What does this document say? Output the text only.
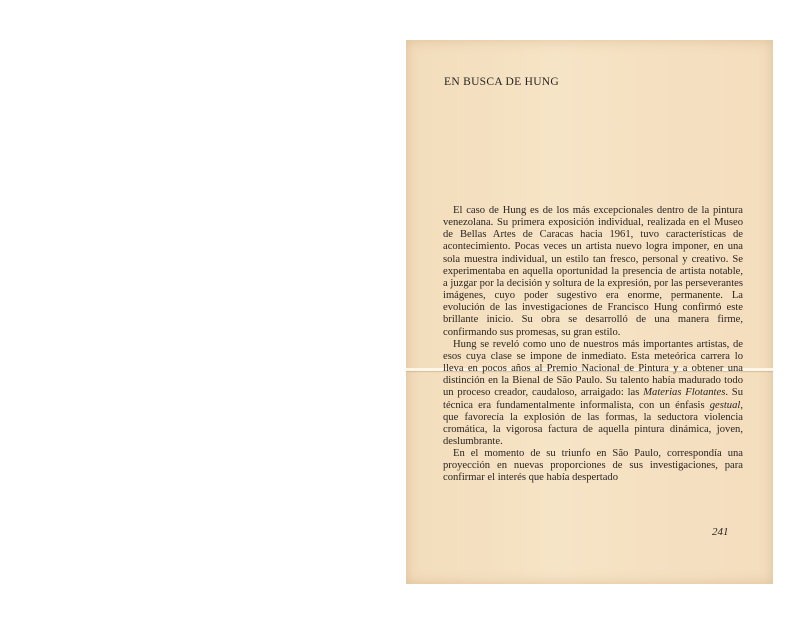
EN BUSCA DE HUNG

El caso de Hung es de los más excepcionales dentro de la pintura venezolana. Su primera exposición individual, realizada en el Museo de Bellas Artes de Caracas hacia 1961, tuvo características de acontecimiento. Pocas veces un artista nuevo logra imponer, en una sola muestra individual, un estilo tan fresco, personal y creativo. Se experimentaba en aquella oportunidad la presencia de artista notable, a juzgar por la decisión y soltura de la expresión, por las perseverantes imágenes, cuyo poder sugestivo era enorme, permanente. La evolución de las investigaciones de Francisco Hung confirmó este brillante inicio. Su obra se desarrolló de una manera firme, confirmando sus promesas, su gran estilo.

Hung se reveló como uno de nuestros más importantes artistas, de esos cuya clase se impone de inmediato. Esta meteórica carrera lo lleva en pocos años al Premio Nacional de Pintura y a obtener una distinción en la Bienal de São Paulo. Su talento había madurado todo un proceso creador, caudaloso, arraigado: las Materias Flotantes. Su técnica era fundamentalmente informalista, con un énfasis gestual, que favorecía la explosión de las formas, la seductora violencia cromática, la vigorosa factura de aquella pintura dinámica, joven, deslumbrante.

En el momento de su triunfo en São Paulo, correspondía una proyección en nuevas proporciones de sus investigaciones, para confirmar el interés que había despertado

241
